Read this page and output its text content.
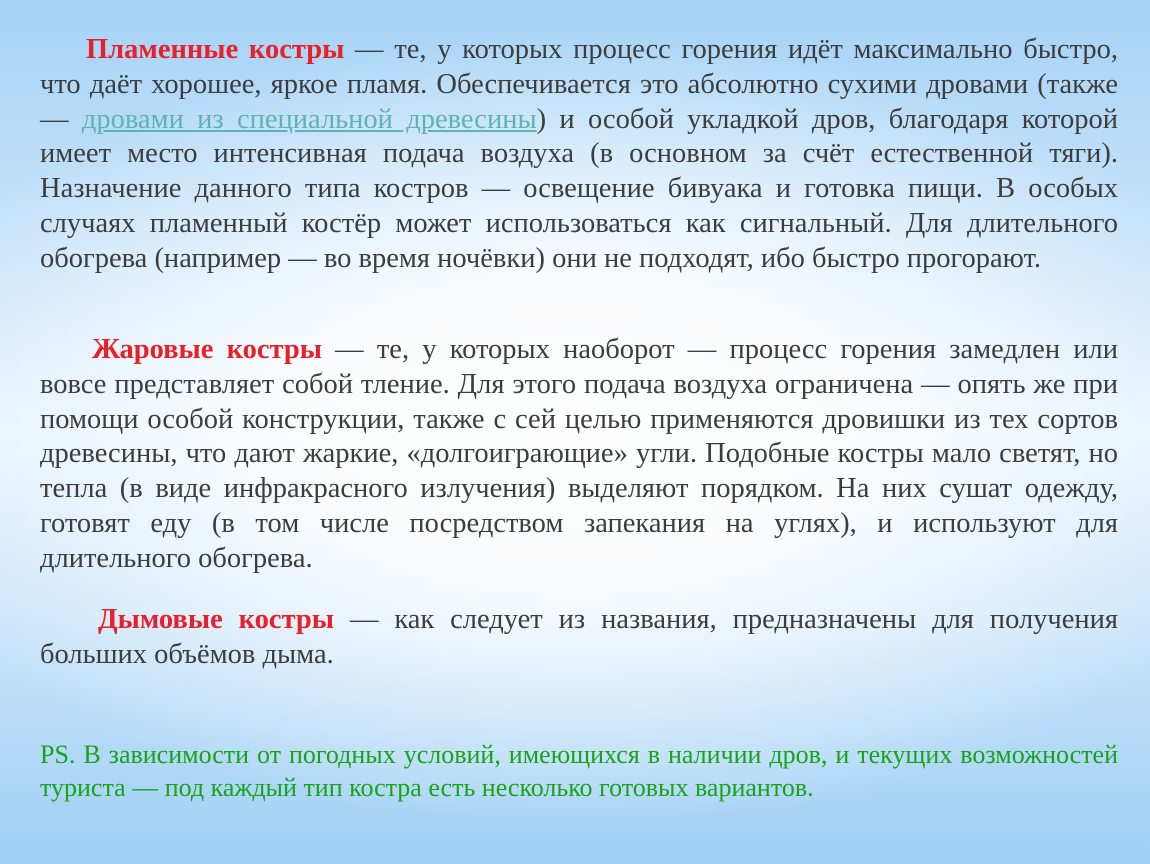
Пламенные костры — те, у которых процесс горения идёт максимально быстро, что даёт хорошее, яркое пламя. Обеспечивается это абсолютно сухими дровами (также — дровами из специальной древесины) и особой укладкой дров, благодаря которой имеет место интенсивная подача воздуха (в основном за счёт естественной тяги). Назначение данного типа костров — освещение бивуака и готовка пищи. В особых случаях пламенный костёр может использоваться как сигнальный. Для длительного обогрева (например — во время ночёвки) они не подходят, ибо быстро прогорают.

Жаровые костры — те, у которых наоборот — процесс горения замедлен или вовсе представляет собой тление. Для этого подача воздуха ограничена — опять же при помощи особой конструкции, также с сей целью применяются дровишки из тех сортов древесины, что дают жаркие, «долгоиграющие» угли. Подобные костры мало светят, но тепла (в виде инфракрасного излучения) выделяют порядком. На них сушат одежду, готовят еду (в том числе посредством запекания на углях), и используют для длительного обогрева.

Дымовые костры — как следует из названия, предназначены для получения больших объёмов дыма.

PS. В зависимости от погодных условий, имеющихся в наличии дров, и текущих возможностей туриста — под каждый тип костра есть несколько готовых вариантов.
